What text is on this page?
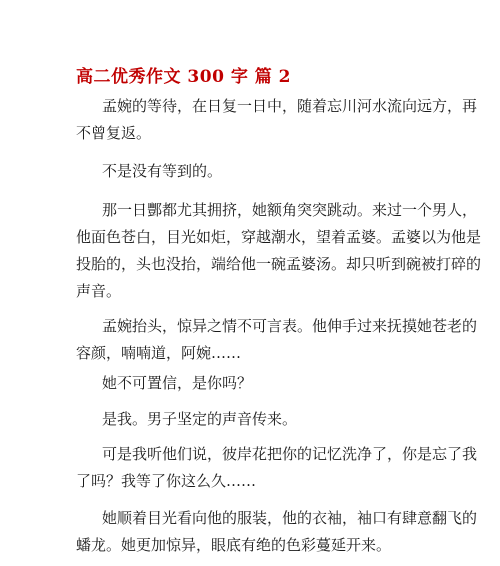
高二优秀作文 300 字 篇 2

孟婉的等待，在日复一日中，随着忘川河水流向远方，再
不曾复返。

不是没有等到的。

那一日酆都尤其拥挤，她额角突突跳动。来过一个男人，
他面色苍白，目光如炬，穿越潮水，望着孟婆。孟婆以为他是
投胎的，头也没抬，端给他一碗孟婆汤。却只听到碗被打碎的
声音。

孟婉抬头，惊异之情不可言表。他伸手过来抚摸她苍老的
容颜，喃喃道，阿婉……

她不可置信，是你吗？

是我。男子坚定的声音传来。

可是我听他们说，彼岸花把你的记忆洗净了，你是忘了我
了吗？我等了你这么久……

她顺着目光看向他的服装，他的衣袖，袖口有肆意翻飞的
蟠龙。她更加惊异，眼底有绝的色彩蔓延开来。
